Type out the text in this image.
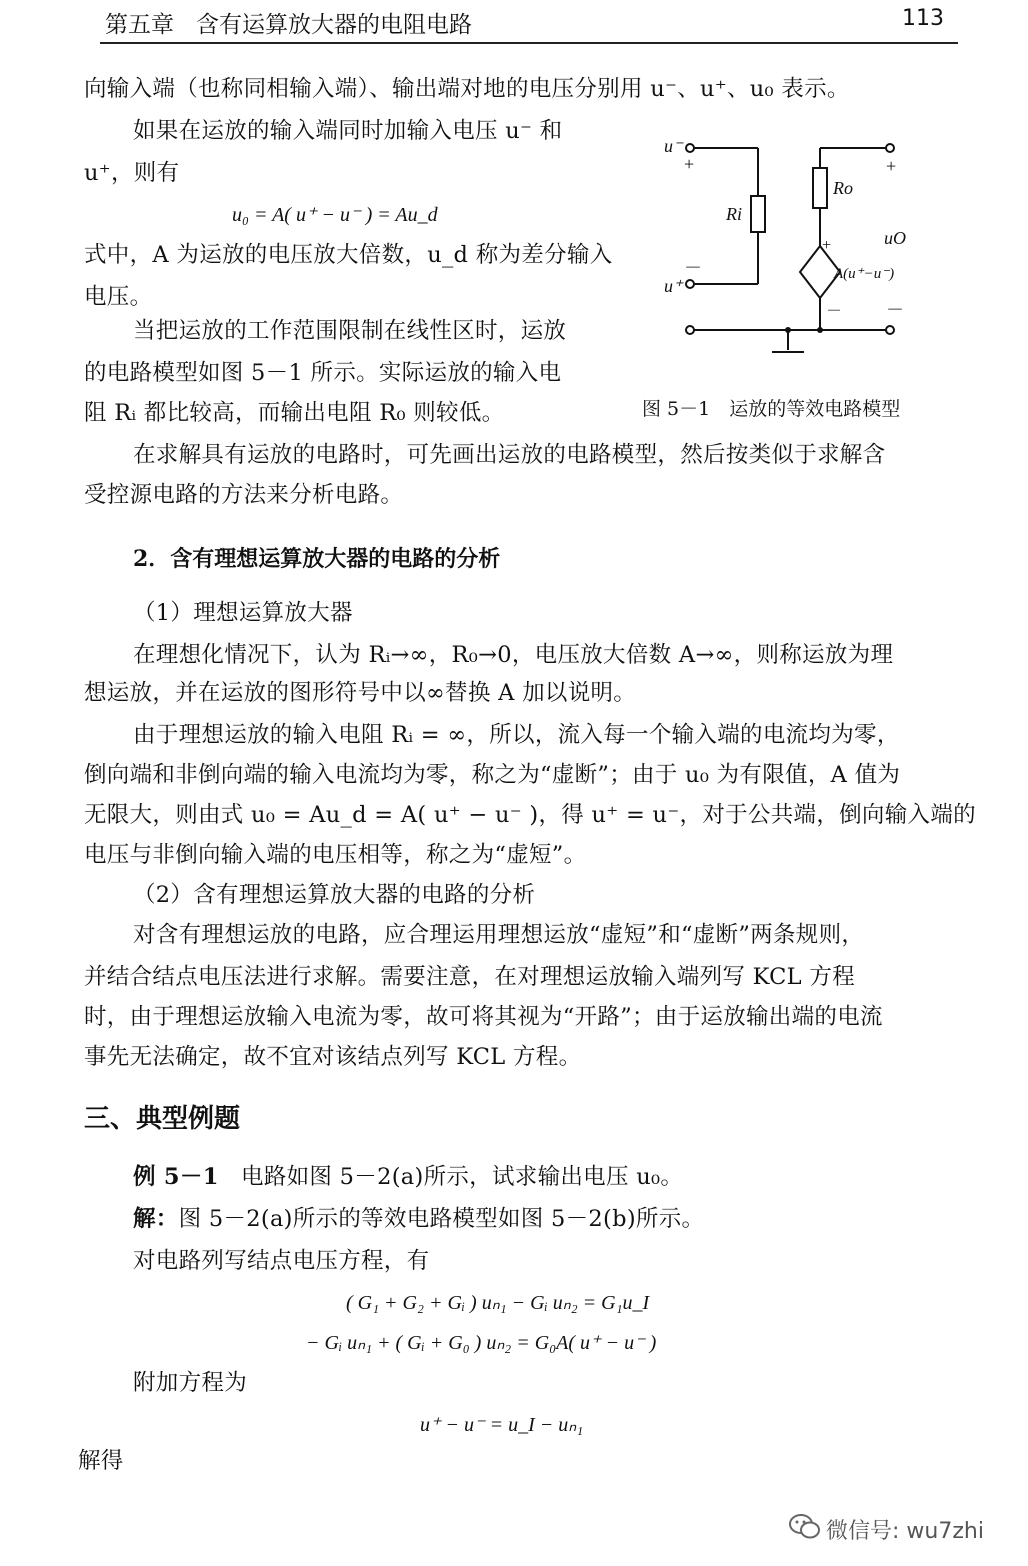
第五章 含有运算放大器的电阻电路	113
向输入端（也称同相输入端）、输出端对地的电压分别用 u⁻、u⁺、u₀ 表示。
如果在运放的输入端同时加输入电压 u⁻ 和
u⁺，则有
u₀ = A( u⁺ − u⁻ ) = Au_d
式中，A 为运放的电压放大倍数，u_d 称为差分输入
电压。
当把运放的工作范围限制在线性区时，运放
的电路模型如图 5－1 所示。实际运放的输入电
阻 Rᵢ 都比较高，而输出电阻 R₀ 则较低。
u⁻
+
－
u⁺
Ri
Ro
+
uO
－
+
－
A(u⁺−u⁻)
图 5－1　运放的等效电路模型
在求解具有运放的电路时，可先画出运放的电路模型，然后按类似于求解含
受控源电路的方法来分析电路。
2．含有理想运算放大器的电路的分析
（1）理想运算放大器
在理想化情况下，认为 Rᵢ→∞，R₀→0，电压放大倍数 A→∞，则称运放为理
想运放，并在运放的图形符号中以∞替换 A 加以说明。
由于理想运放的输入电阻 Rᵢ = ∞，所以，流入每一个输入端的电流均为零，
倒向端和非倒向端的输入电流均为零，称之为“虚断”；由于 u₀ 为有限值，A 值为
无限大，则由式 u₀ = Au_d = A( u⁺ − u⁻ )，得 u⁺ = u⁻，对于公共端，倒向输入端的
电压与非倒向输入端的电压相等，称之为“虚短”。
（2）含有理想运算放大器的电路的分析
对含有理想运放的电路，应合理运用理想运放“虚短”和“虚断”两条规则，
并结合结点电压法进行求解。需要注意，在对理想运放输入端列写 KCL 方程
时，由于理想运放输入电流为零，故可将其视为“开路”；由于运放输出端的电流
事先无法确定，故不宜对该结点列写 KCL 方程。
三、典型例题
例 5－1 电路如图 5－2(a)所示，试求输出电压 u₀。
解：图 5－2(a)所示的等效电路模型如图 5－2(b)所示。
对电路列写结点电压方程，有
( G₁ + G₂ + Gᵢ ) uₙ₁ − Gᵢ uₙ₂ = G₁u_I
− Gᵢ uₙ₁ + ( Gᵢ + G₀ ) uₙ₂ = G₀A( u⁺ − u⁻ )
附加方程为
u⁺ − u⁻ = u_I − uₙ₁
解得
微信号: wu7zhi
